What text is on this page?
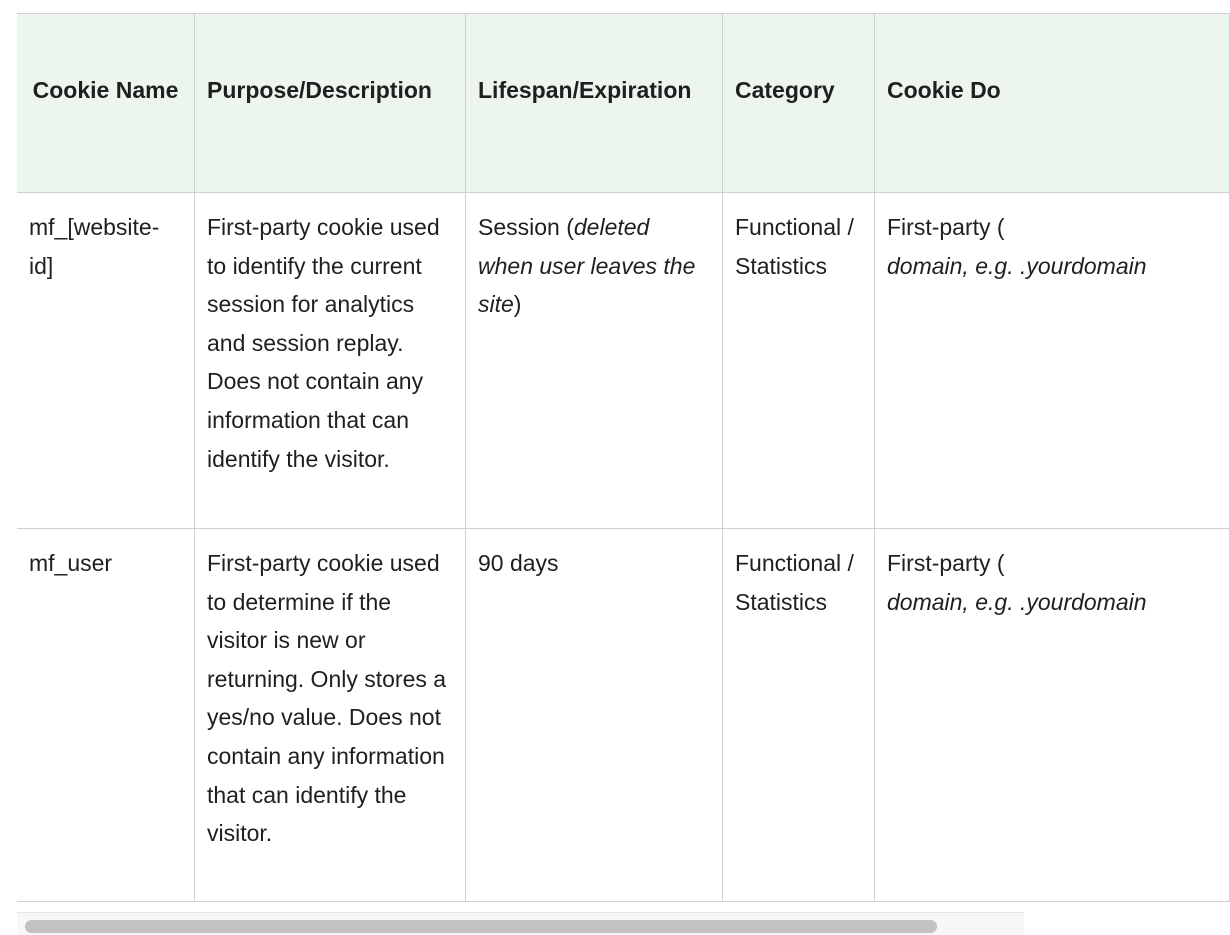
Cookie Name	Purpose/Description	Lifespan/Expiration	Category	Cookie Do
mf_[website-id]	First-party cookie used to identify the current session for analytics and session replay. Does not contain any information that can identify the visitor.	Session (deleted when user leaves the site)	Functional / Statistics	First-party (
domain, e.g. .yourdomain
mf_user	First-party cookie used to determine if the visitor is new or returning. Only stores a yes/no value. Does not contain any information that can identify the visitor.	90 days	Functional / Statistics	First-party (
domain, e.g. .yourdomain
